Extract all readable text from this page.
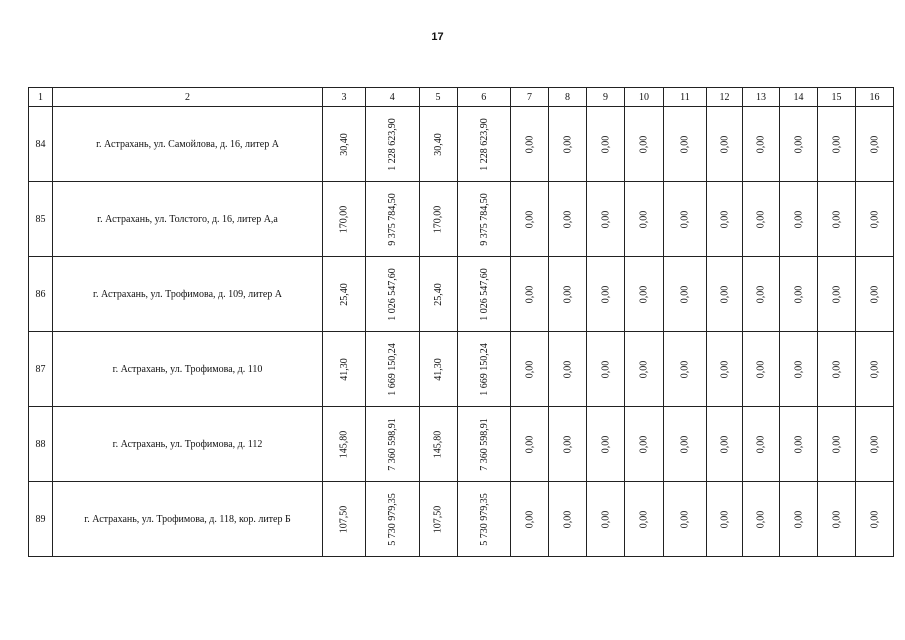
17
1	2	3	4	5	6	7	8	9	10	11	12	13	14	15	16
84	г. Астрахань, ул. Самойлова, д. 16, литер А	30,40	1 228 623,90	30,40	1 228 623,90	0,00	0,00	0,00	0,00	0,00	0,00	0,00	0,00	0,00	0,00
85	г. Астрахань, ул. Толстого, д. 16, литер А,а	170,00	9 375 784,50	170,00	9 375 784,50	0,00	0,00	0,00	0,00	0,00	0,00	0,00	0,00	0,00	0,00
86	г. Астрахань, ул. Трофимова, д. 109, литер А	25,40	1 026 547,60	25,40	1 026 547,60	0,00	0,00	0,00	0,00	0,00	0,00	0,00	0,00	0,00	0,00
87	г. Астрахань, ул. Трофимова, д. 110	41,30	1 669 150,24	41,30	1 669 150,24	0,00	0,00	0,00	0,00	0,00	0,00	0,00	0,00	0,00	0,00
88	г. Астрахань, ул. Трофимова, д. 112	145,80	7 360 598,91	145,80	7 360 598,91	0,00	0,00	0,00	0,00	0,00	0,00	0,00	0,00	0,00	0,00
89	г. Астрахань, ул. Трофимова, д. 118, кор. литер Б	107,50	5 730 979,35	107,50	5 730 979,35	0,00	0,00	0,00	0,00	0,00	0,00	0,00	0,00	0,00	0,00
